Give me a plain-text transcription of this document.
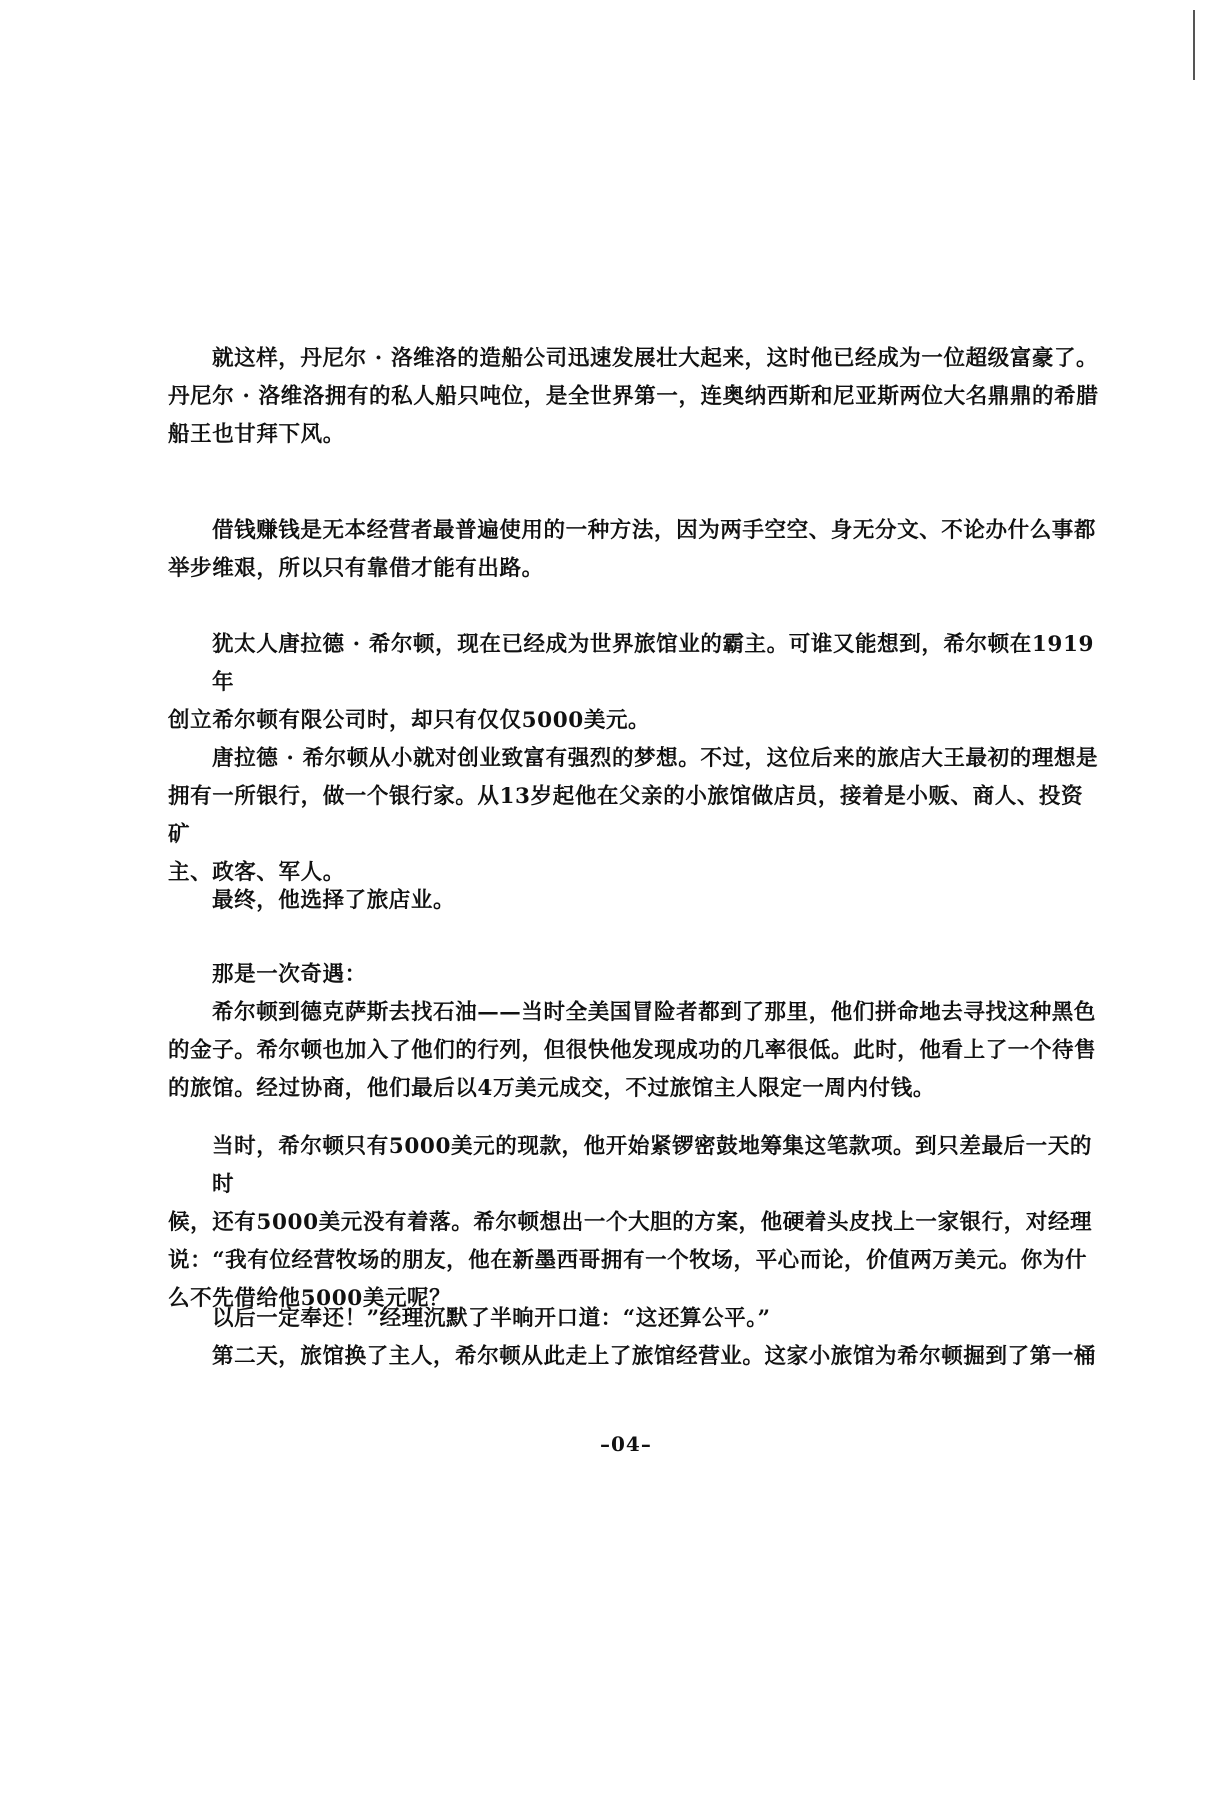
就这样，丹尼尔 · 洛维洛的造船公司迅速发展壮大起来，这时他已经成为一位超级富豪了。
丹尼尔 · 洛维洛拥有的私人船只吨位，是全世界第一，连奥纳西斯和尼亚斯两位大名鼎鼎的希腊
船王也甘拜下风。

借钱赚钱是无本经营者最普遍使用的一种方法，因为两手空空、身无分文、不论办什么事都
举步维艰，所以只有靠借才能有出路。

犹太人唐拉德 · 希尔顿，现在已经成为世界旅馆业的霸主。可谁又能想到，希尔顿在1919年
创立希尔顿有限公司时，却只有仅仅5000美元。

唐拉德 · 希尔顿从小就对创业致富有强烈的梦想。不过，这位后来的旅店大王最初的理想是
拥有一所银行，做一个银行家。从13岁起他在父亲的小旅馆做店员，接着是小贩、商人、投资矿
主、政客、军人。

最终，他选择了旅店业。

那是一次奇遇：
希尔顿到德克萨斯去找石油——当时全美国冒险者都到了那里，他们拼命地去寻找这种黑色
的金子。希尔顿也加入了他们的行列，但很快他发现成功的几率很低。此时，他看上了一个待售
的旅馆。经过协商，他们最后以4万美元成交，不过旅馆主人限定一周内付钱。

当时，希尔顿只有5000美元的现款，他开始紧锣密鼓地筹集这笔款项。到只差最后一天的时
候，还有5000美元没有着落。希尔顿想出一个大胆的方案，他硬着头皮找上一家银行，对经理
说：“我有位经营牧场的朋友，他在新墨西哥拥有一个牧场，平心而论，价值两万美元。你为什
么不先借给他5000美元呢？

以后一定奉还！”经理沉默了半晌开口道：“这还算公平。”
第二天，旅馆换了主人，希尔顿从此走上了旅馆经营业。这家小旅馆为希尔顿掘到了第一桶

–04–
